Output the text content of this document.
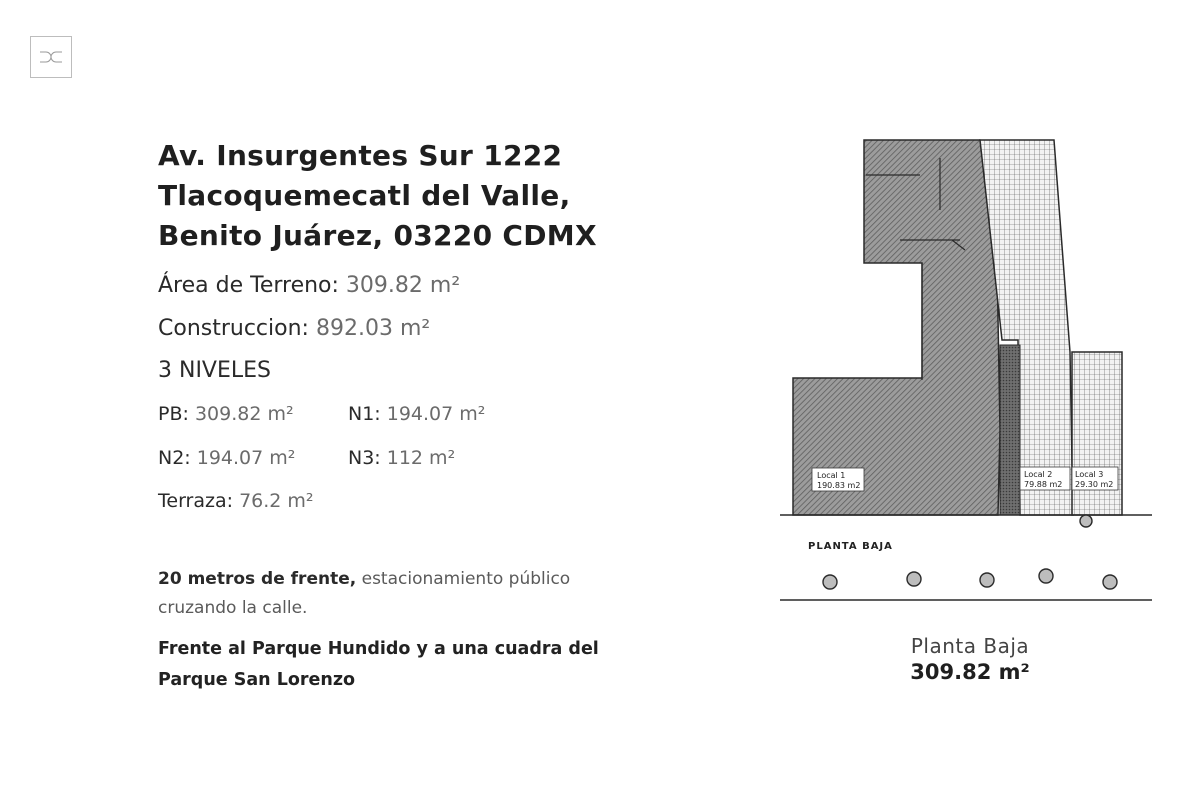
Av. Insurgentes Sur 1222
Tlacoquemecatl del Valle,
Benito Juárez, 03220 CDMX
Área de Terreno: 309.82 m²
Construccion: 892.03 m²
3 NIVELES
PB: 309.82 m²	N1: 194.07 m²
N2: 194.07 m²	N3: 112 m²
Terraza: 76.2 m²
20 metros de frente, estacionamiento público cruzando la calle.
Frente al Parque Hundido y a una cuadra del Parque San Lorenzo
Local 1
190.83 m2
Local 2
79.88 m2
Local 3
29.30 m2
PLANTA BAJA
Planta Baja
309.82 m²
